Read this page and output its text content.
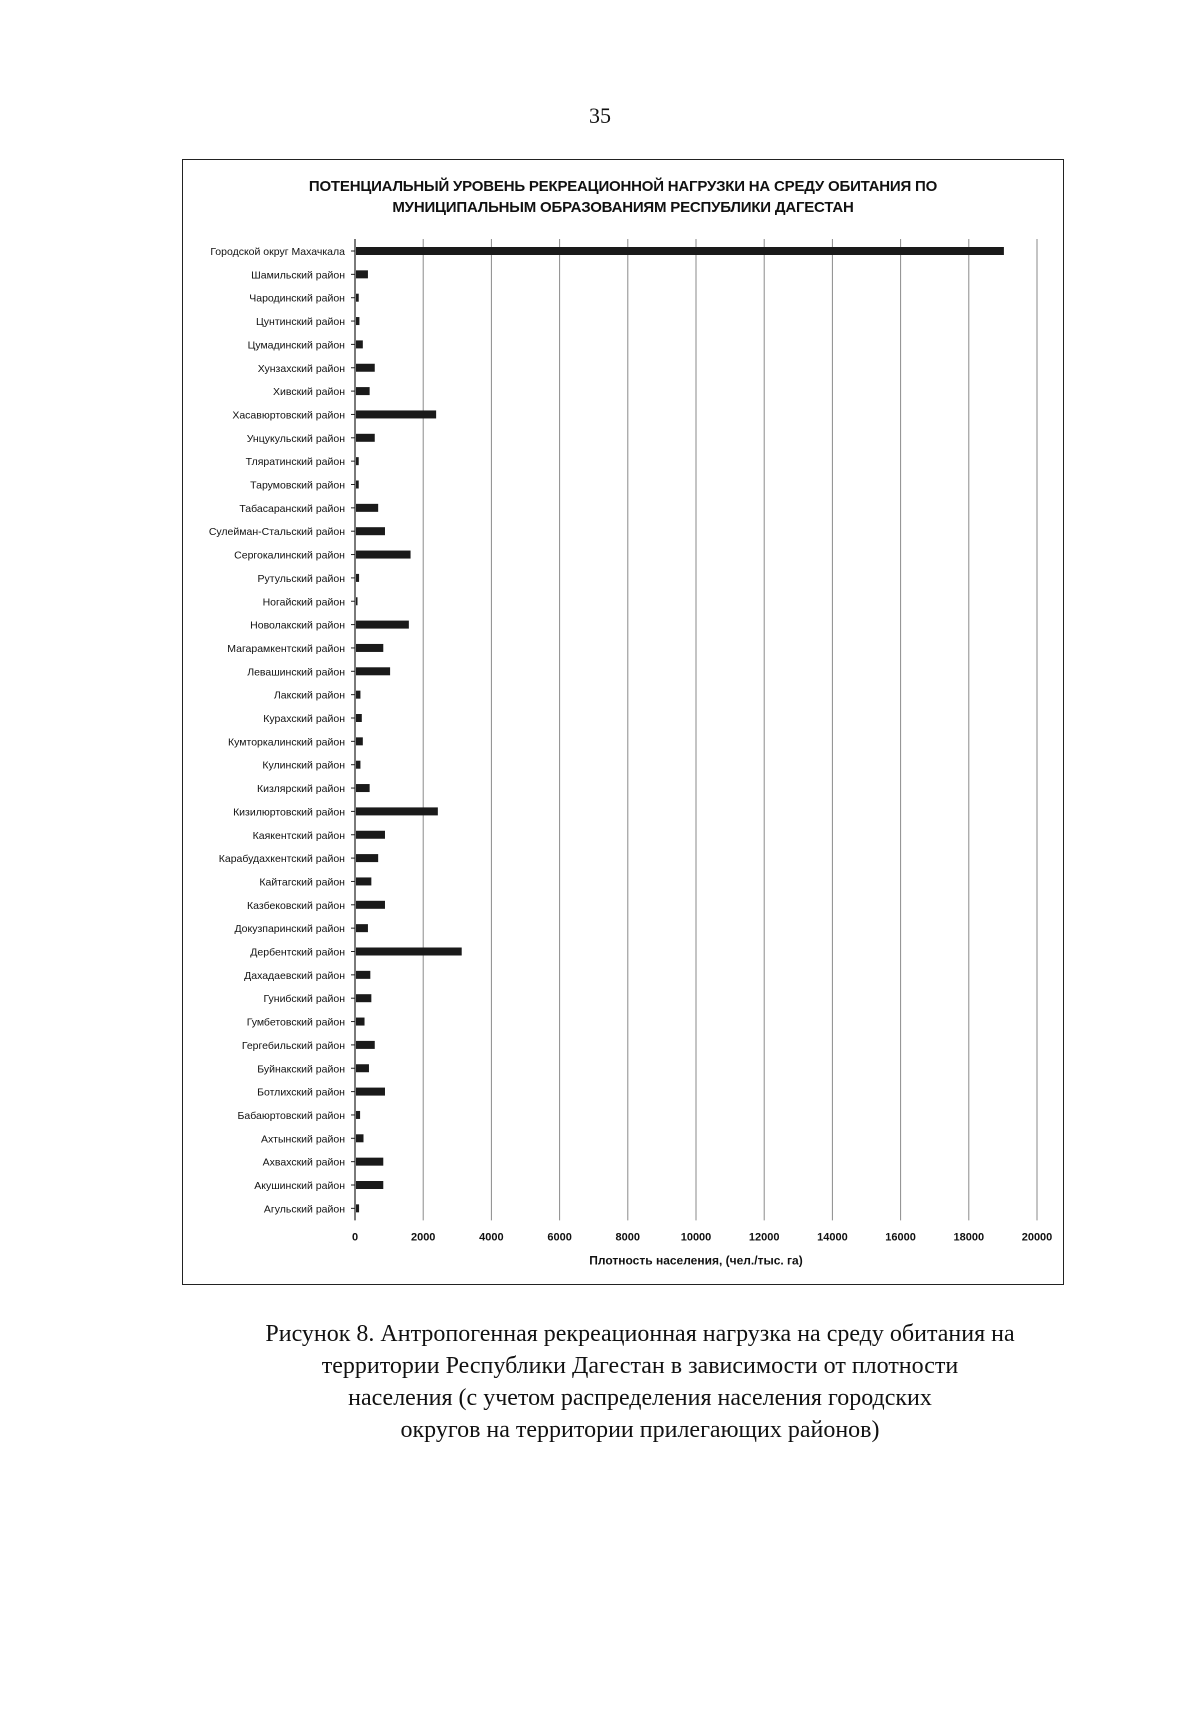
35
ПОТЕНЦИАЛЬНЫЙ УРОВЕНЬ РЕКРЕАЦИОННОЙ НАГРУЗКИ НА СРЕДУ ОБИТАНИЯ ПО МУНИЦИПАЛЬНЫМ ОБРАЗОВАНИЯМ РЕСПУБЛИКИ ДАГЕСТАН
0	2000	4000	6000	8000	10000	12000	14000	16000	18000	20000
Городской округ Махачкала
Шамильский район
Чародинский район
Цунтинский район
Цумадинский район
Хунзахский район
Хивский район
Хасавюртовский район
Унцукульский район
Тляратинский район
Тарумовский район
Табасаранский район
Сулейман-Стальский район
Сергокалинский район
Рутульский район
Ногайский район
Новолакский район
Магарамкентский район
Левашинский район
Лакский район
Курахский район
Кумторкалинский район
Кулинский район
Кизлярский район
Кизилюртовский район
Каякентский район
Карабудахкентский район
Кайтагский район
Казбековский район
Докузпаринский район
Дербентский район
Дахадаевский район
Гунибский район
Гумбетовский район
Гергебильский район
Буйнакский район
Ботлихский район
Бабаюртовский район
Ахтынский район
Ахвахский район
Акушинский район
Агульский район
Плотность населения, (чел./тыс. га)
Рисунок 8. Антропогенная рекреационная нагрузка на среду обитания на
территории Республики Дагестан в зависимости от плотности
населения (с учетом распределения населения городских
округов на территории прилегающих районов)
